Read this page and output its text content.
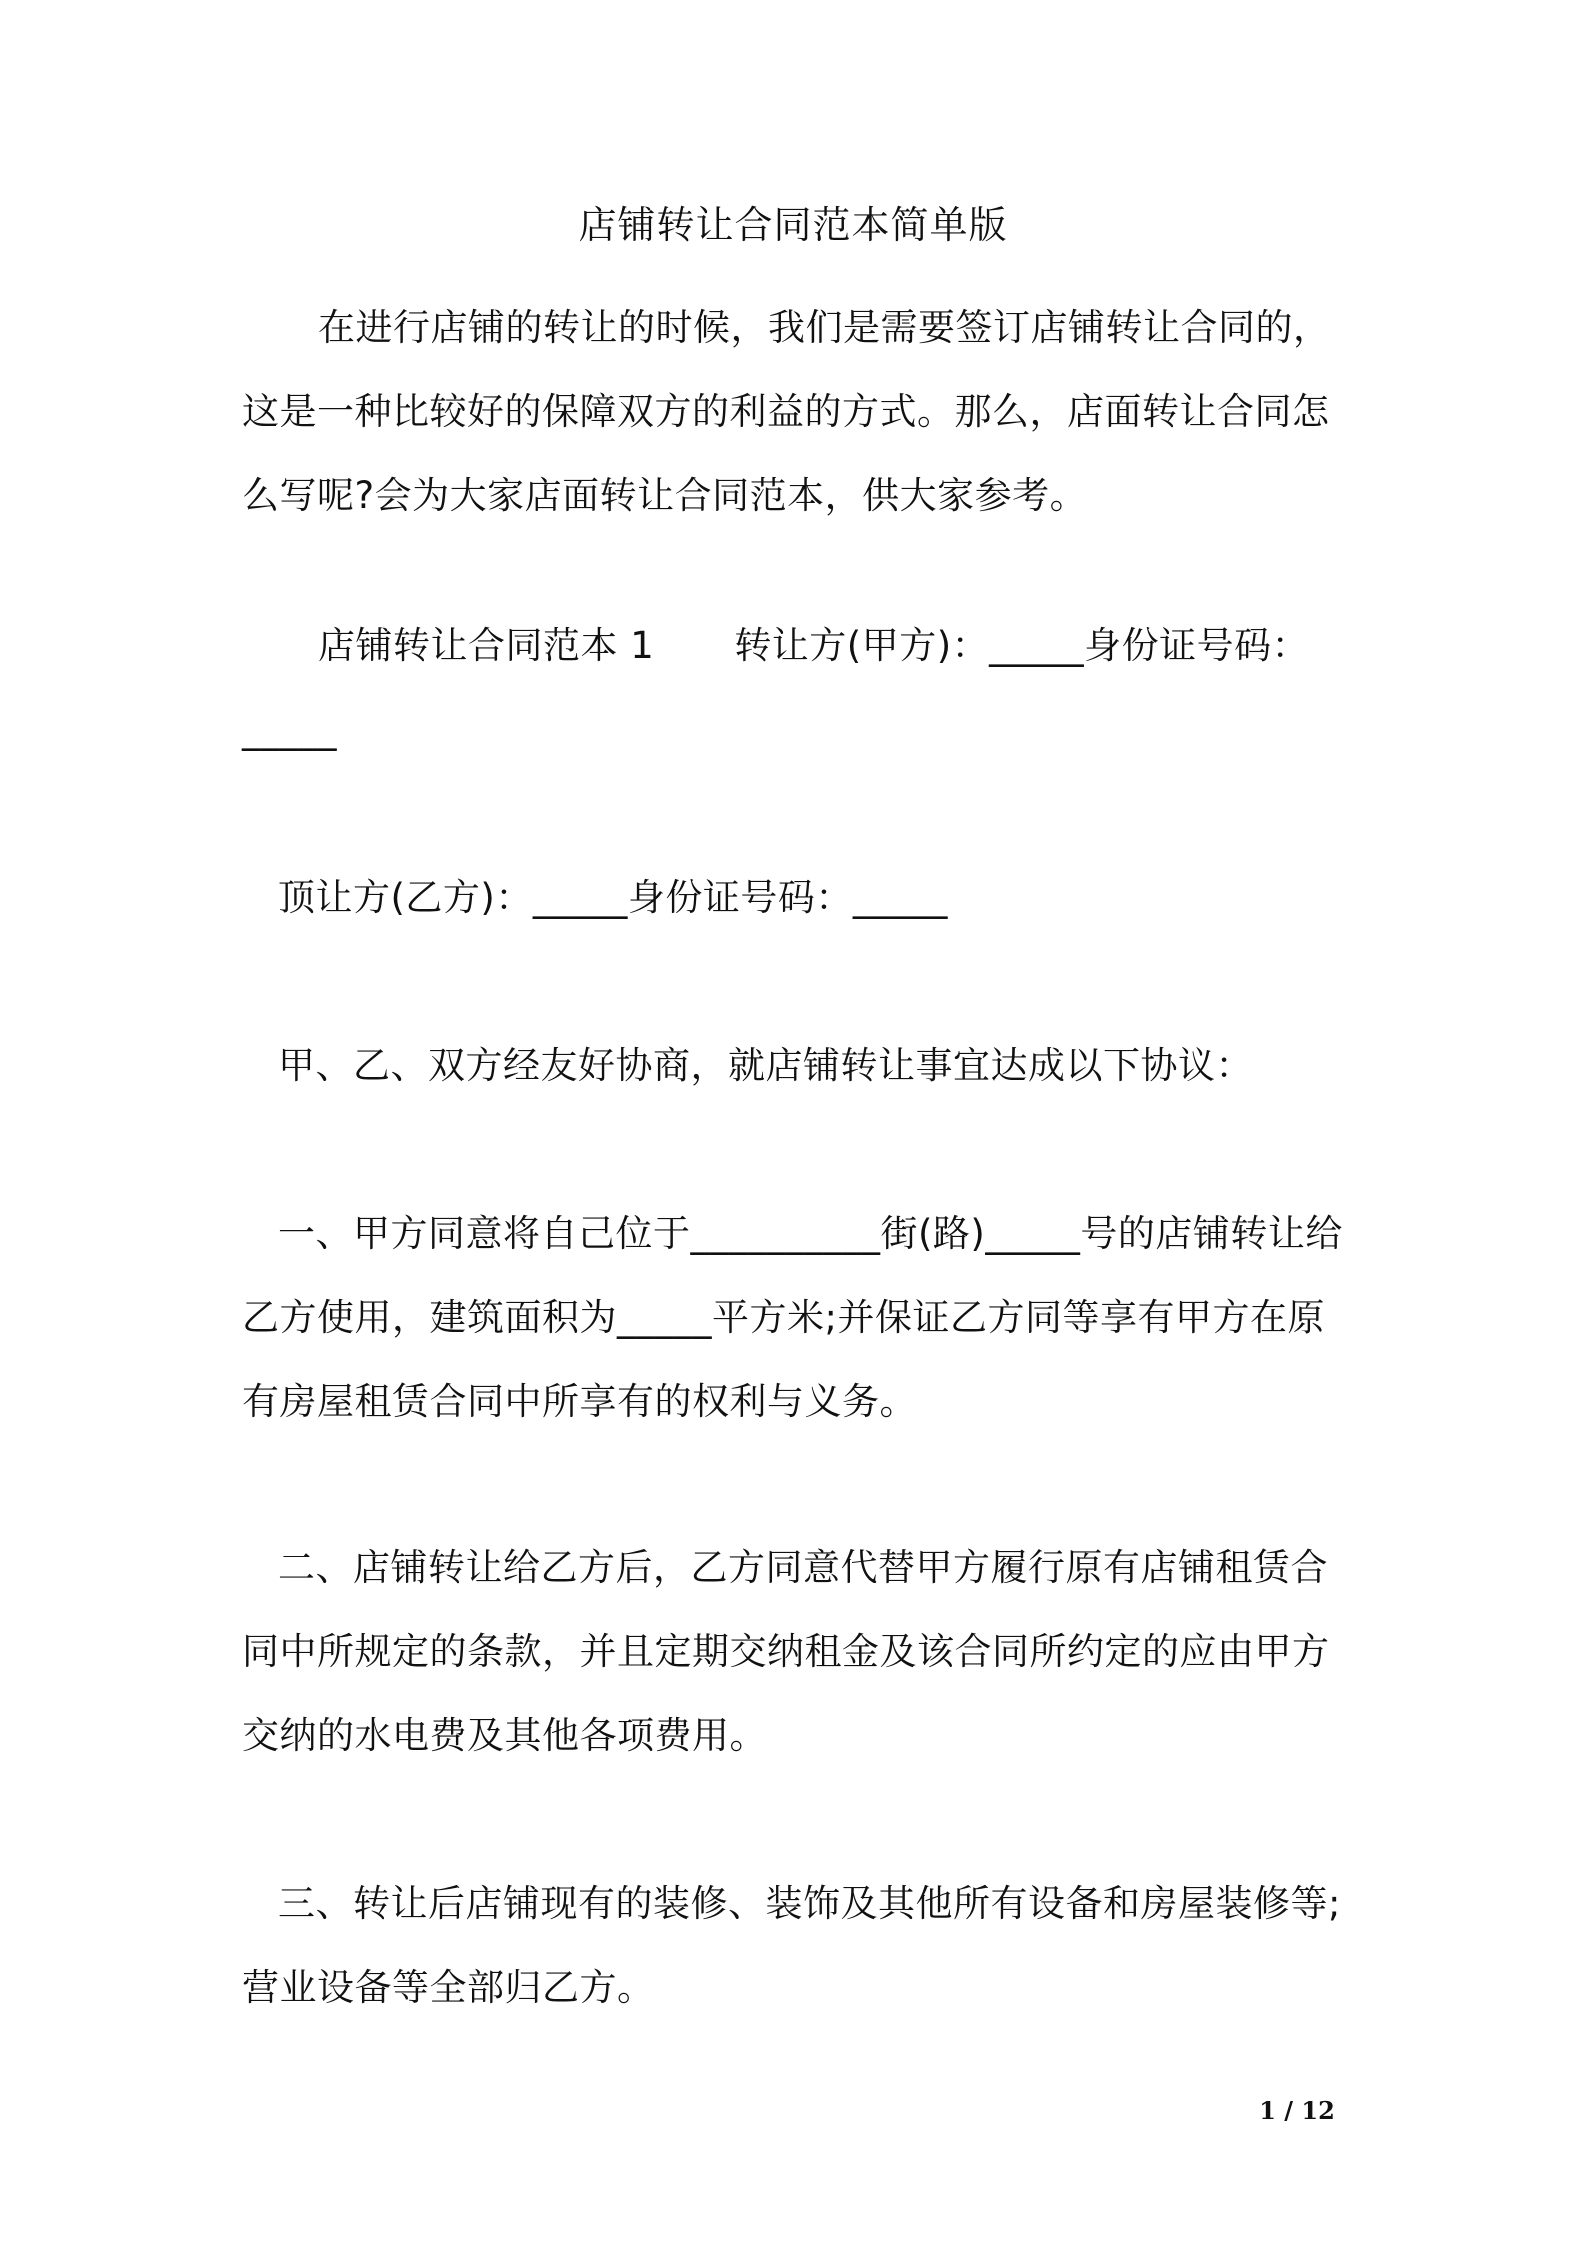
店铺转让合同范本简单版

在进行店铺的转让的时候，我们是需要签订店铺转让合同的，这是一种比较好的保障双方的利益的方式。那么，店面转让合同怎么写呢?会为大家店面转让合同范本，供大家参考。

店铺转让合同范本 1 转让方(甲方)：_____身份证号码：_____

顶让方(乙方)：_____身份证号码：_____

甲、乙、双方经友好协商，就店铺转让事宜达成以下协议：

一、甲方同意将自己位于__________街(路)_____号的店铺转让给乙方使用，建筑面积为_____平方米;并保证乙方同等享有甲方在原有房屋租赁合同中所享有的权利与义务。

二、店铺转让给乙方后，乙方同意代替甲方履行原有店铺租赁合同中所规定的条款，并且定期交纳租金及该合同所约定的应由甲方交纳的水电费及其他各项费用。

三、转让后店铺现有的装修、装饰及其他所有设备和房屋装修等;营业设备等全部归乙方。

1 / 12
